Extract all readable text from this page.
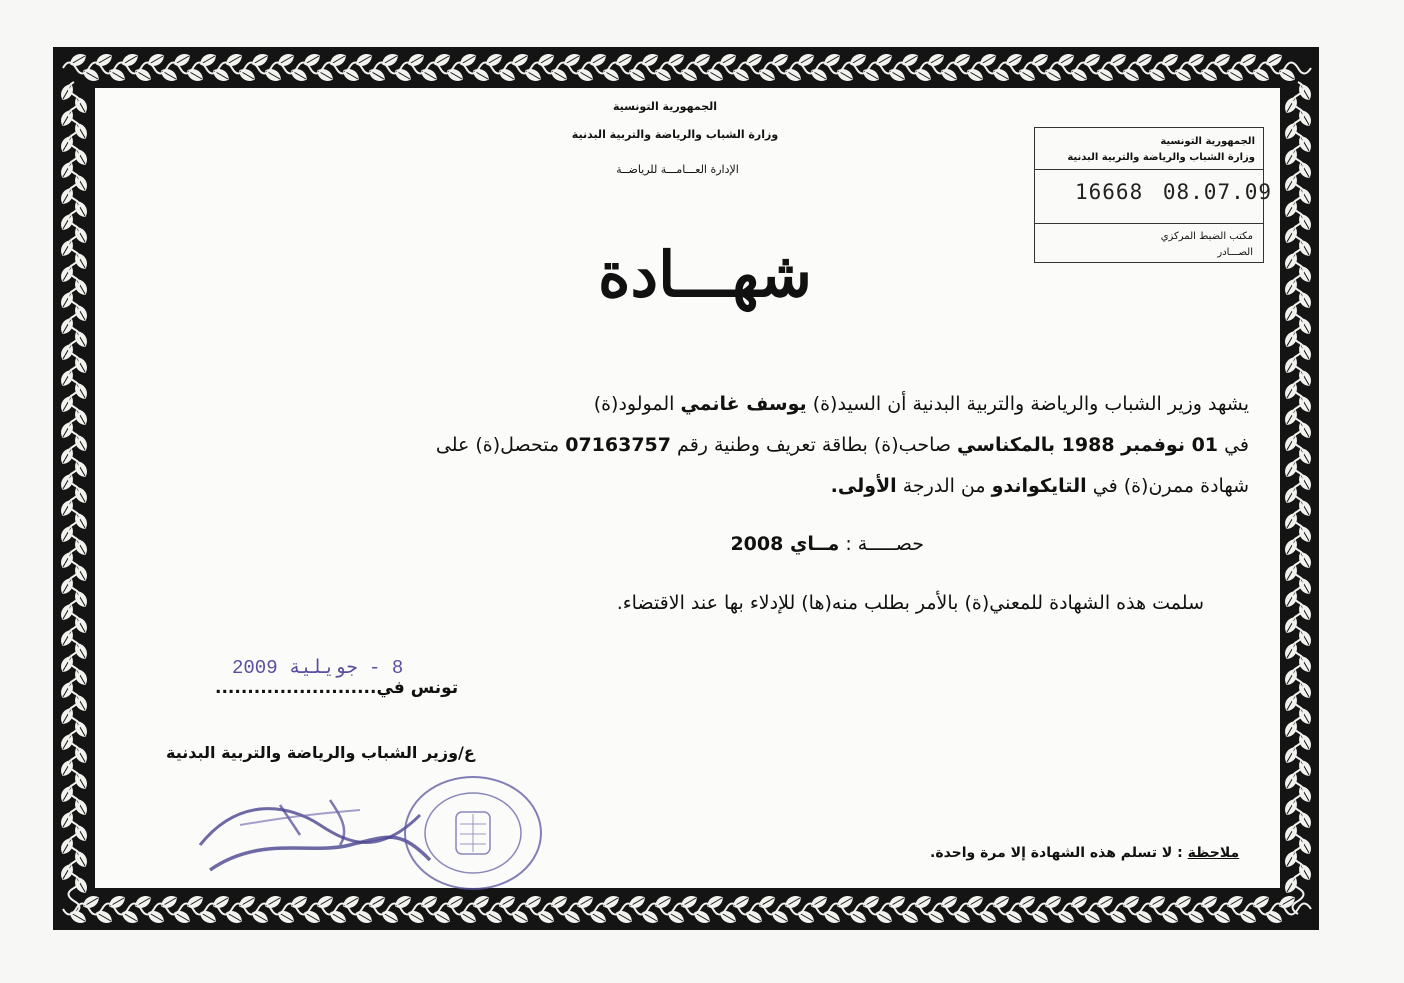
الجمهورية التونسية
وزارة الشباب والرياضة والتربية البدنية
الإدارة العـــامـــة للرياضــة
الجمهورية التونسية
وزارة الشباب والرياضة والتربية البدنية
16668 08.07.09
مكتب الضبط المركزي
الصـــادر
شهـــادة
يشهد وزير الشباب والرياضة والتربية البدنية أن السيد(ة) يوسف غانمي المولود(ة)
في 01 نوفمبر 1988 بالمكناسي صاحب(ة) بطاقة تعريف وطنية رقم 07163757 متحصل(ة) على
شهادة ممرن(ة) في التايكواندو من الدرجة الأولى.
حصـــــة : مــاي 2008
سلمت هذه الشهادة للمعني(ة) بالأمر بطلب منه(ها) للإدلاء بها عند الاقتضاء.
8 - جويلية 2009
تونس في.........................
ع/وزير الشباب والرياضة والتربية البدنية
ملاحظة : لا تسلم هذه الشهادة إلا مرة واحدة.
